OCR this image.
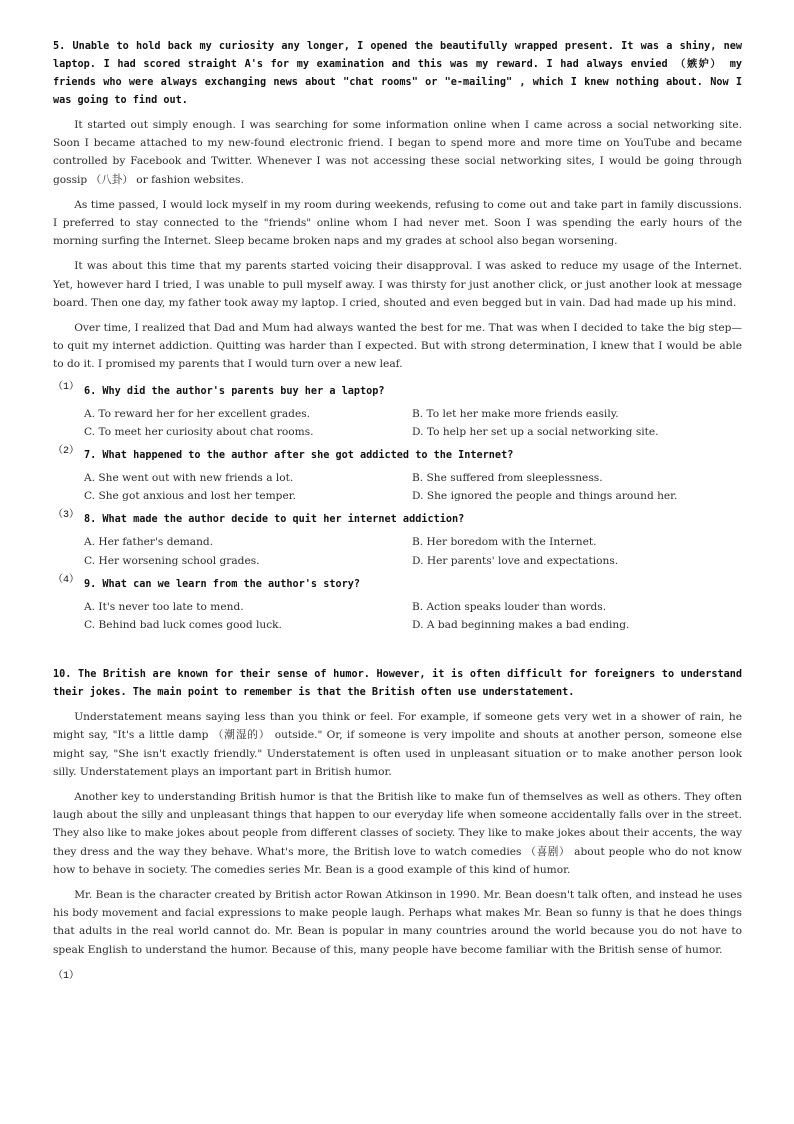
5. Unable to hold back my curiosity any longer, I opened the beautifully wrapped present. It was a shiny, new laptop. I had scored straight A's for my examination and this was my reward. I had always envied （嫉妒） my friends who were always exchanging news about "chat rooms" or "e-mailing" , which I knew nothing about. Now I was going to find out.

It started out simply enough. I was searching for some information online when I came across a social networking site. Soon I became attached to my new-found electronic friend. I began to spend more and more time on YouTube and became controlled by Facebook and Twitter. Whenever I was not accessing these social networking sites, I would be going through gossip （八卦） or fashion websites.

As time passed, I would lock myself in my room during weekends, refusing to come out and take part in family discussions. I preferred to stay connected to the "friends" online whom I had never met. Soon I was spending the early hours of the morning surfing the Internet. Sleep became broken naps and my grades at school also began worsening.

It was about this time that my parents started voicing their disapproval. I was asked to reduce my usage of the Internet. Yet, however hard I tried, I was unable to pull myself away. I was thirsty for just another click, or just another look at message board. Then one day, my father took away my laptop. I cried, shouted and even begged but in vain. Dad had made up his mind.

Over time, I realized that Dad and Mum had always wanted the best for me. That was when I decided to take the big step—to quit my internet addiction. Quitting was harder than I expected. But with strong determination, I knew that I would be able to do it. I promised my parents that I would turn over a new leaf.

（1） 6. Why did the author's parents buy her a laptop?
A. To reward her for her excellent grades.	B. To let her make more friends easily.
C. To meet her curiosity about chat rooms.	D. To help her set up a social networking site.
（2） 7. What happened to the author after she got addicted to the Internet?
A. She went out with new friends a lot.	B. She suffered from sleeplessness.
C. She got anxious and lost her temper.	D. She ignored the people and things around her.
（3） 8. What made the author decide to quit her internet addiction?
A. Her father's demand.	B. Her boredom with the Internet.
C. Her worsening school grades.	D. Her parents' love and expectations.
（4） 9. What can we learn from the author's story?
A. It's never too late to mend.	B. Action speaks louder than words.
C. Behind bad luck comes good luck.	D. A bad beginning makes a bad ending.

10. The British are known for their sense of humor. However, it is often difficult for foreigners to understand their jokes. The main point to remember is that the British often use understatement.

Understatement means saying less than you think or feel. For example, if someone gets very wet in a shower of rain, he might say, "It's a little damp （潮湿的） outside." Or, if someone is very impolite and shouts at another person, someone else might say, "She isn't exactly friendly." Understatement is often used in unpleasant situation or to make another person look silly. Understatement plays an important part in British humor.

Another key to understanding British humor is that the British like to make fun of themselves as well as others. They often laugh about the silly and unpleasant things that happen to our everyday life when someone accidentally falls over in the street. They also like to make jokes about people from different classes of society. They like to make jokes about their accents, the way they dress and the way they behave. What's more, the British love to watch comedies （喜剧） about people who do not know how to behave in society. The comedies series Mr. Bean is a good example of this kind of humor.

Mr. Bean is the character created by British actor Rowan Atkinson in 1990. Mr. Bean doesn't talk often, and instead he uses his body movement and facial expressions to make people laugh. Perhaps what makes Mr. Bean so funny is that he does things that adults in the real world cannot do. Mr. Bean is popular in many countries around the world because you do not have to speak English to understand the humor. Because of this, many people have become familiar with the British sense of humor.

（1）
